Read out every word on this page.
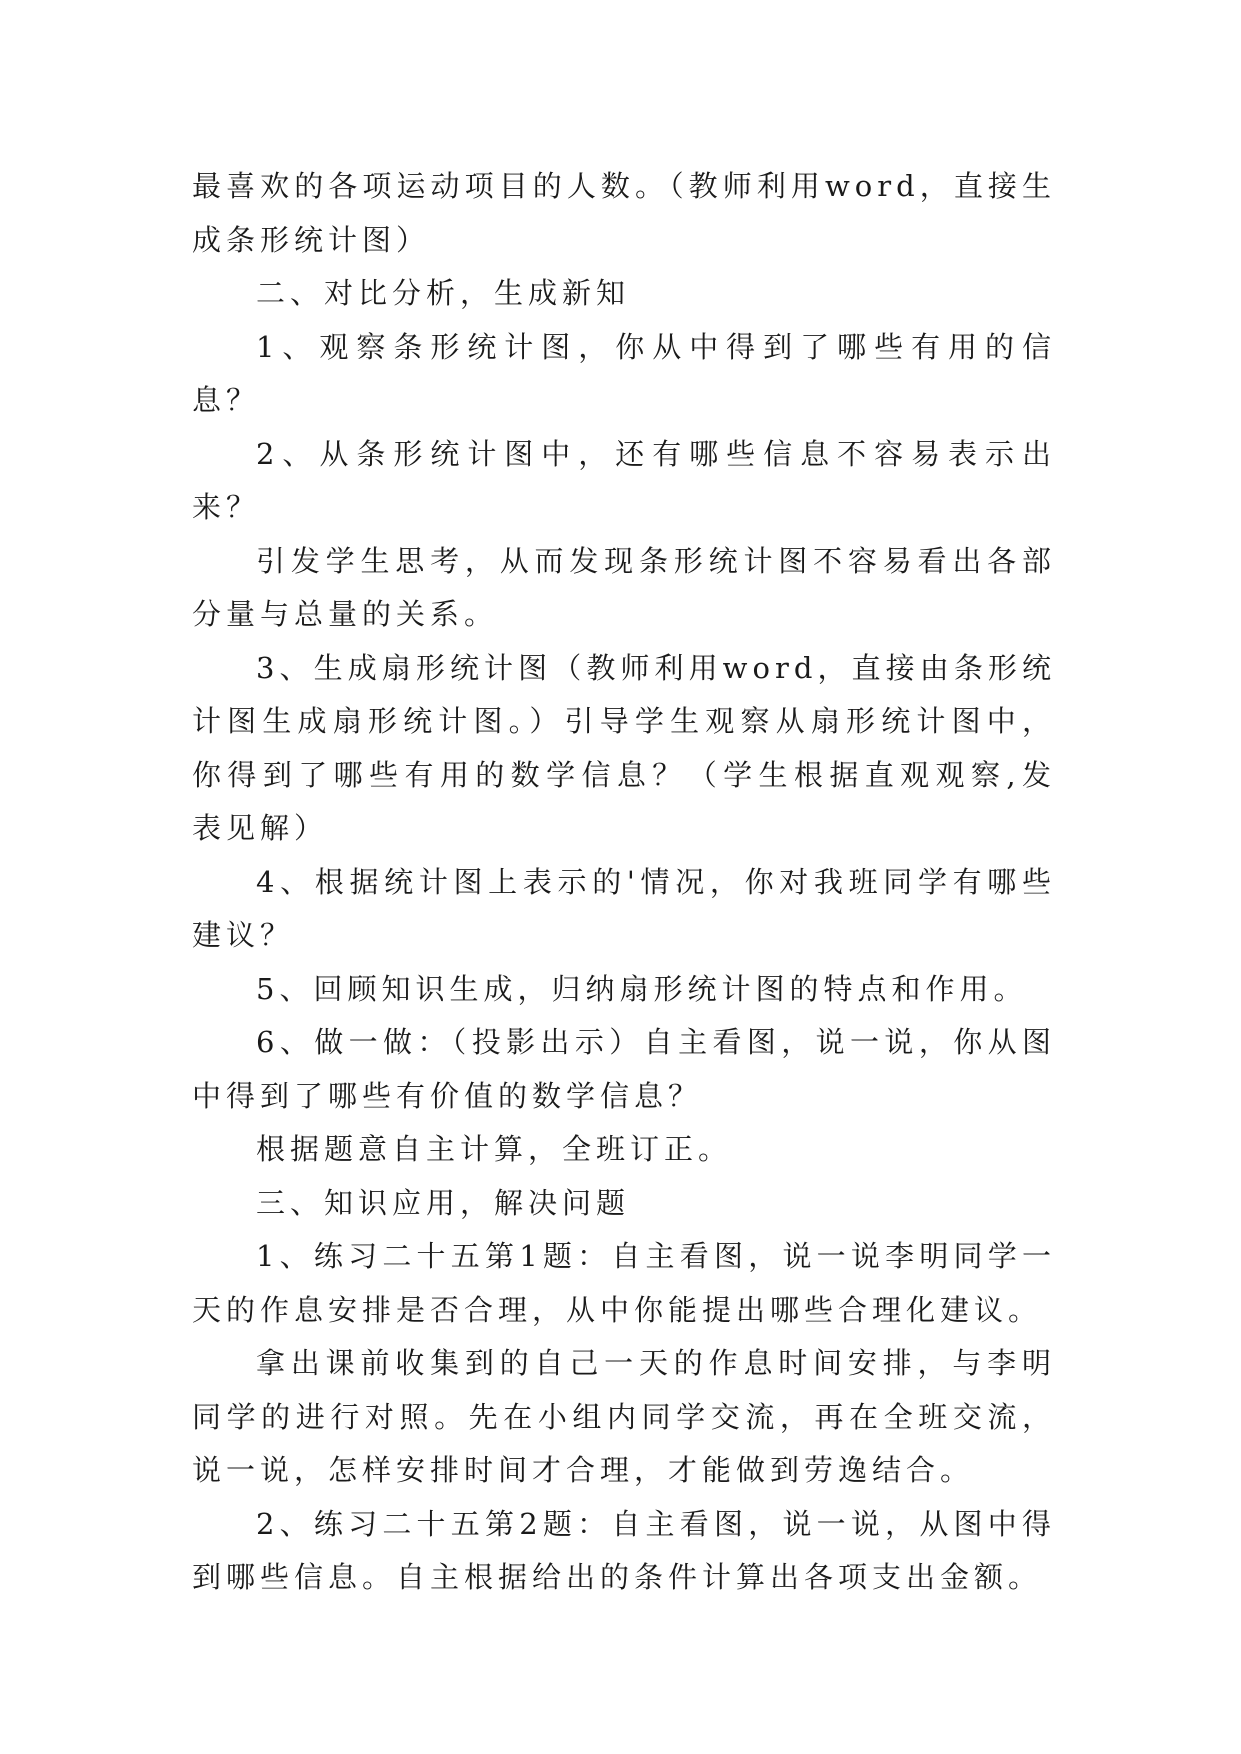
最喜欢的各项运动项目的人数。（教师利用word，直接生成条形统计图）

二、对比分析，生成新知

1、观察条形统计图，你从中得到了哪些有用的信息？

2、从条形统计图中，还有哪些信息不容易表示出来？

引发学生思考，从而发现条形统计图不容易看出各部分量与总量的关系。

3、生成扇形统计图（教师利用word，直接由条形统计图生成扇形统计图。）引导学生观察从扇形统计图中，你得到了哪些有用的数学信息？（学生根据直观观察,发表见解）

4、根据统计图上表示的'情况，你对我班同学有哪些建议？

5、回顾知识生成，归纳扇形统计图的特点和作用。

6、做一做：（投影出示）自主看图，说一说，你从图中得到了哪些有价值的数学信息？

根据题意自主计算，全班订正。

三、知识应用，解决问题

1、练习二十五第1题：自主看图，说一说李明同学一天的作息安排是否合理，从中你能提出哪些合理化建议。

拿出课前收集到的自己一天的作息时间安排，与李明同学的进行对照。先在小组内同学交流，再在全班交流，说一说，怎样安排时间才合理，才能做到劳逸结合。

2、练习二十五第2题：自主看图，说一说，从图中得到哪些信息。自主根据给出的条件计算出各项支出金额。
